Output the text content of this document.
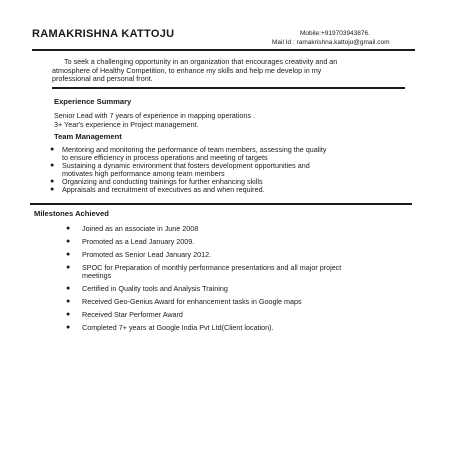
RAMAKRISHNA KATTOJU	Mobile:+919703943876.
Mail Id : ramakrishna.kattoju@gmail.com
To seek a challenging opportunity in an organization that encourages creativity and an
atmosphere of Healthy Competition, to enhance my skills and help me develop in my
professional and personal front.
Experience Summary
Senior Lead with 7 years of experience in mapping operations .
3+ Year's experience in Project management.
Team Management
● Mentoring and monitoring the performance of team members, assessing the quality
to ensure efficiency in process operations and meeting of targets
● Sustaining a dynamic environment that fosters development opportunities and
motivates high performance among team members
● Organizing and conducting trainings for further enhancing skills
● Appraisals and recruitment of executives as and when required.
Milestones Achieved
● Joined as an associate in June 2008
● Promoted as a Lead January 2009.
● Promoted as Senior Lead January 2012.
● SPOC for Preparation of monthly performance presentations and all major project
meetings
● Certified in Quality tools and Analysis Training
● Received Geo-Genius Award for enhancement tasks in Google maps
● Received Star Performer Award
● Completed 7+ years at Google India Pvt Ltd(Client location).
